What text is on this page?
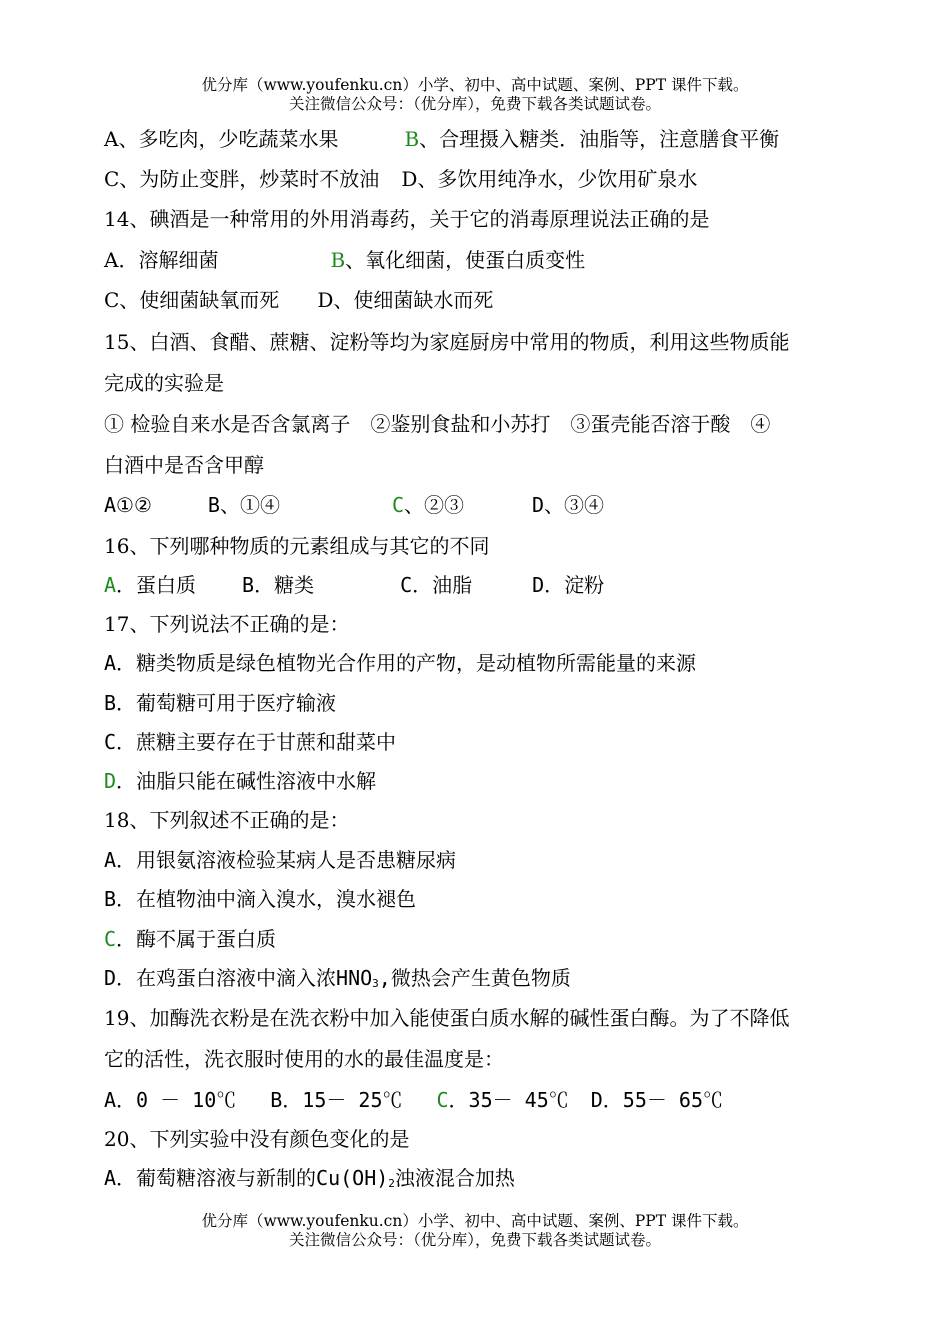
优分库（www.youfenku.cn）小学、初中、高中试题、案例、PPT 课件下载。
关注微信公众号：（优分库），免费下载各类试题试卷。
A、多吃肉，少吃蔬菜水果	B、合理摄入糖类．油脂等，注意膳食平衡
C、为防止变胖，炒菜时不放油 D、多饮用纯净水，少饮用矿泉水
14、碘酒是一种常用的外用消毒药，关于它的消毒原理说法正确的是
A．溶解细菌	B、氧化细菌，使蛋白质变性
C、使细菌缺氧而死 D、使细菌缺水而死
15、白酒、食醋、蔗糖、淀粉等均为家庭厨房中常用的物质，利用这些物质能
完成的实验是
① 检验自来水是否含氯离子　②鉴别食盐和小苏打　③蛋壳能否溶于酸　④
白酒中是否含甲醇
A①②	B、①④	C、②③	D、③④
16、下列哪种物质的元素组成与其它的不同
A．蛋白质 B．糖类	C．油脂	D．淀粉
17、下列说法不正确的是：
A．糖类物质是绿色植物光合作用的产物，是动植物所需能量的来源
B．葡萄糖可用于医疗输液
C．蔗糖主要存在于甘蔗和甜菜中
D．油脂只能在碱性溶液中水解
18、下列叙述不正确的是：
A．用银氨溶液检验某病人是否患糖尿病
B．在植物油中滴入溴水，溴水褪色
C．酶不属于蛋白质
D．在鸡蛋白溶液中滴入浓HNO3,微热会产生黄色物质
19、加酶洗衣粉是在洗衣粉中加入能使蛋白质水解的碱性蛋白酶。为了不降低
它的活性，洗衣服时使用的水的最佳温度是：
A．0 － 10℃ B．15－ 25℃ C．35－ 45℃ D．55－ 65℃
20、下列实验中没有颜色变化的是
A．葡萄糖溶液与新制的Cu(OH)2浊液混合加热
优分库（www.youfenku.cn）小学、初中、高中试题、案例、PPT 课件下载。
关注微信公众号：（优分库），免费下载各类试题试卷。
